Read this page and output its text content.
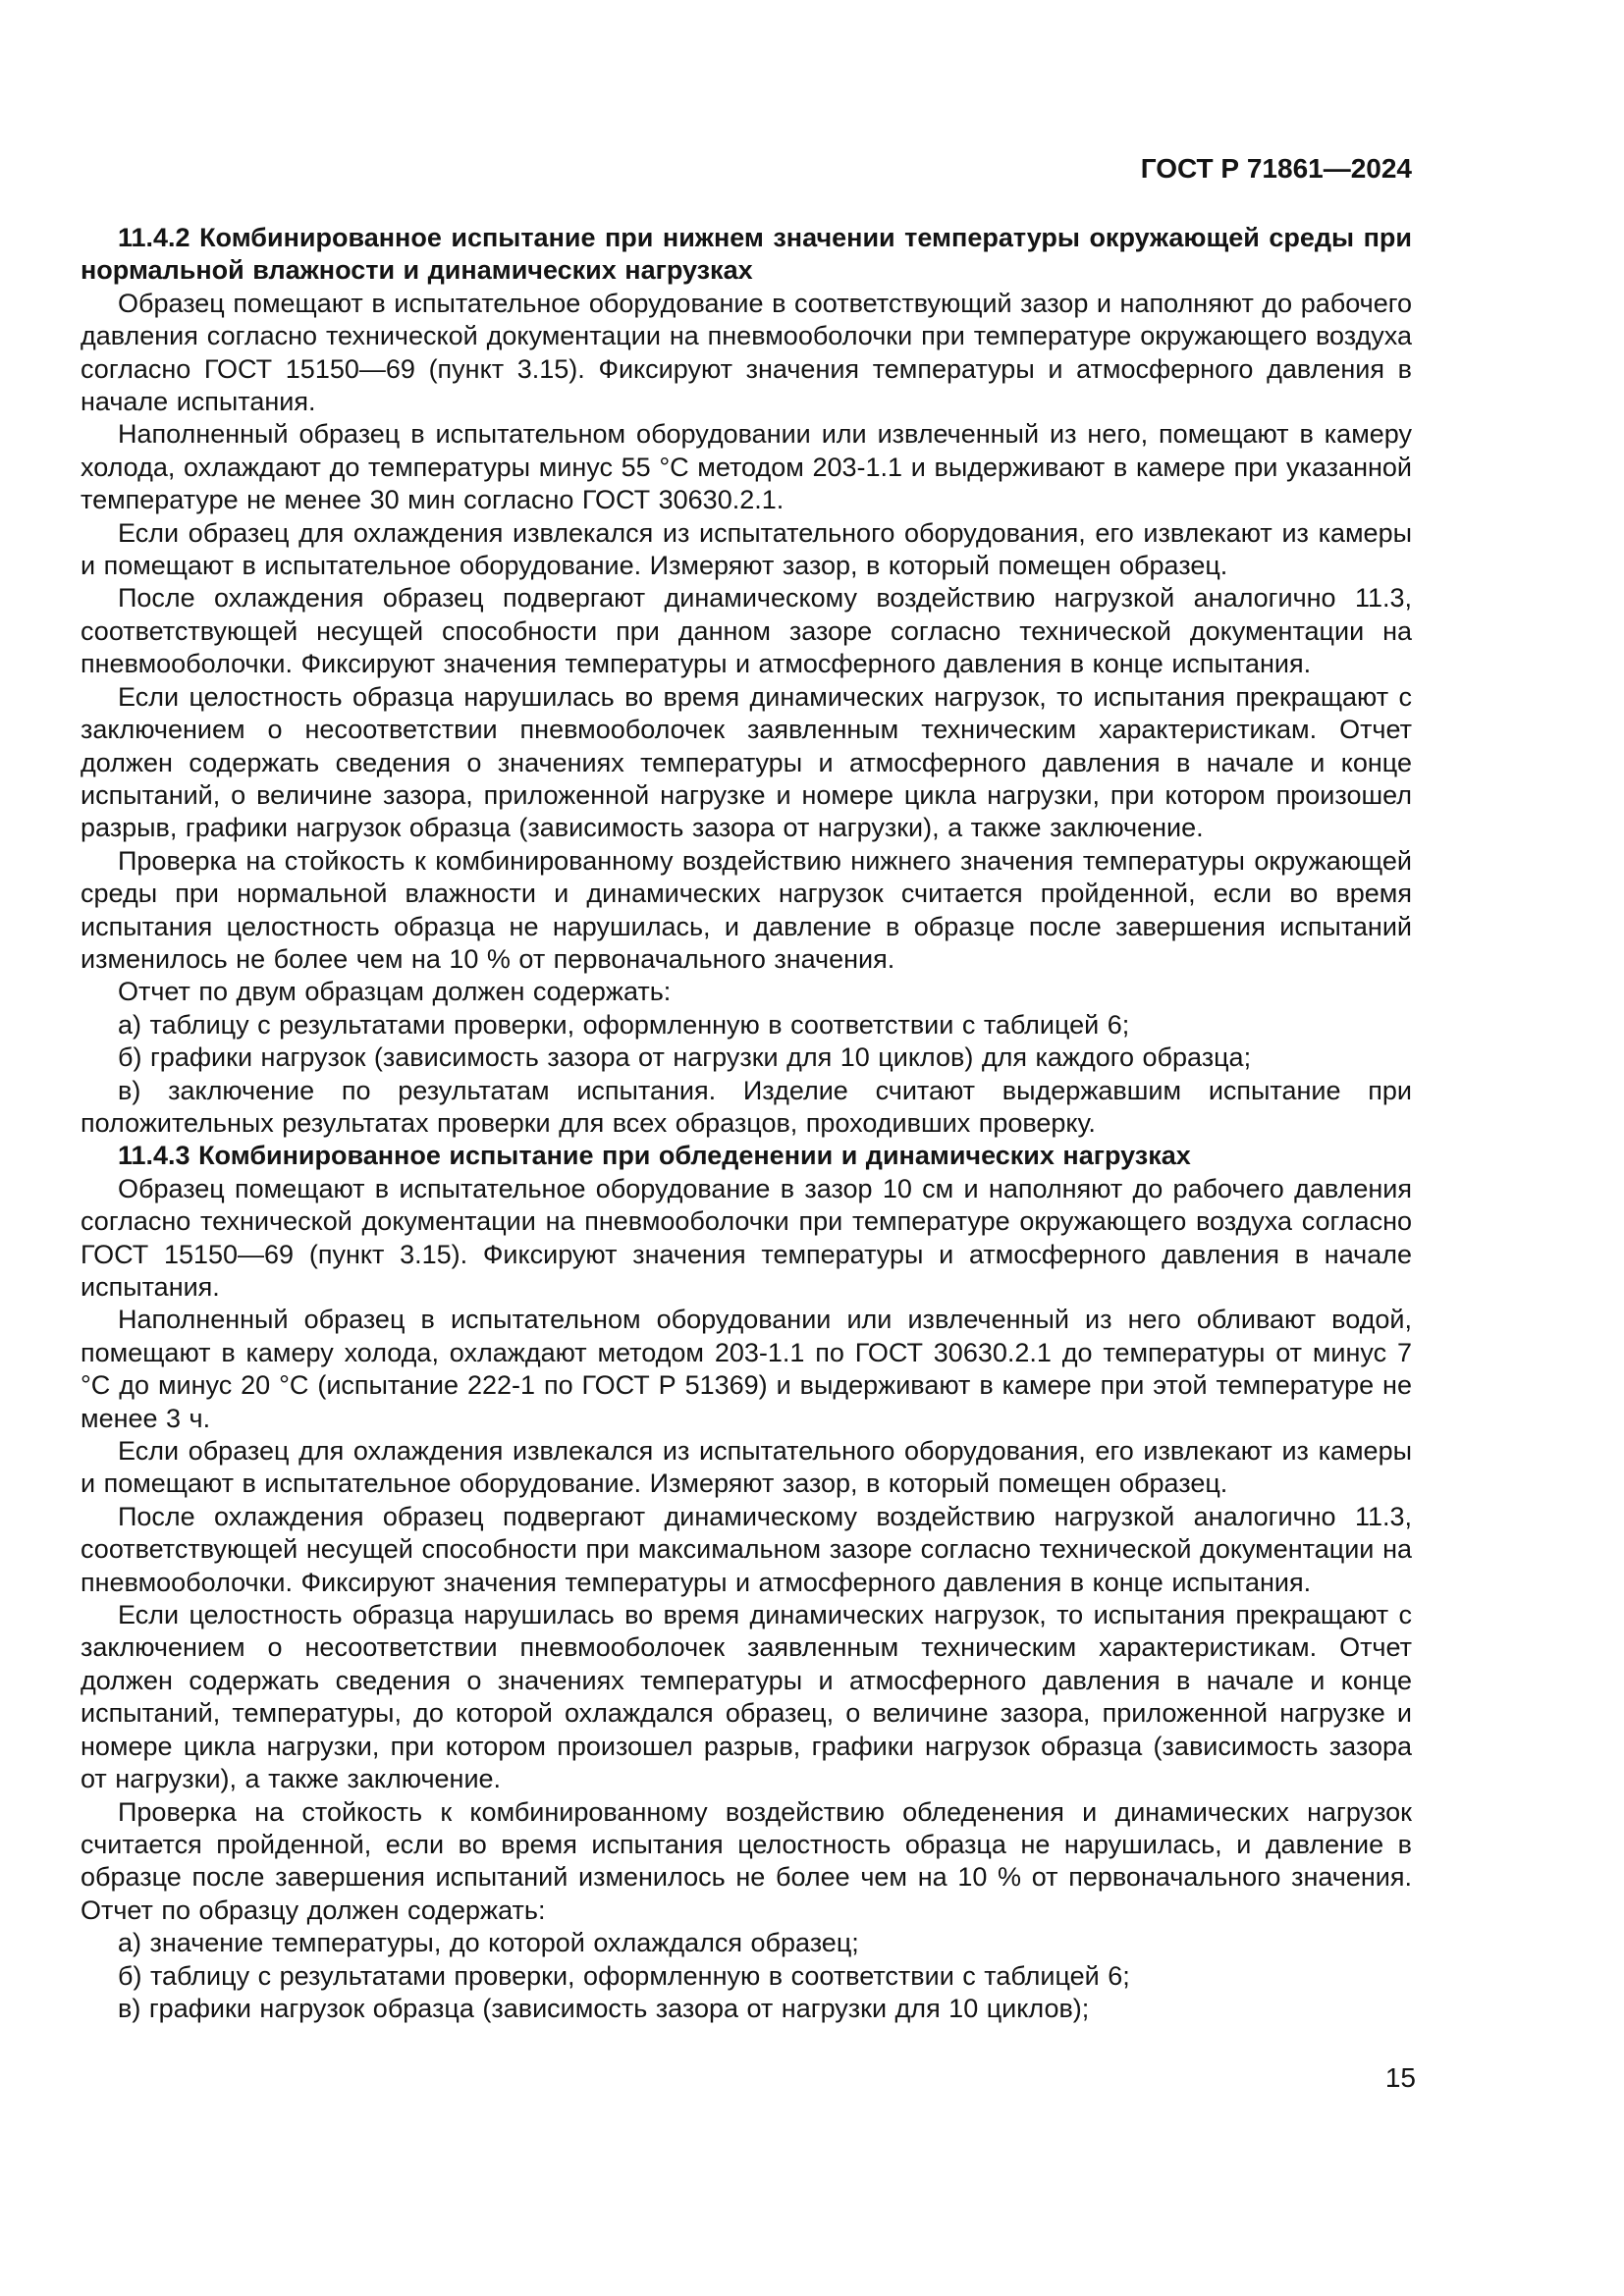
ГОСТ Р 71861—2024

11.4.2 Комбинированное испытание при нижнем значении температуры окружающей среды при нормальной влажности и динамических нагрузках

Образец помещают в испытательное оборудование в соответствующий зазор и наполняют до рабочего давления согласно технической документации на пневмооболочки при температуре окружающего воздуха согласно ГОСТ 15150—69 (пункт 3.15). Фиксируют значения температуры и атмосферного давления в начале испытания.

Наполненный образец в испытательном оборудовании или извлеченный из него, помещают в камеру холода, охлаждают до температуры минус 55 °С методом 203-1.1 и выдерживают в камере при указанной температуре не менее 30 мин согласно ГОСТ 30630.2.1.

Если образец для охлаждения извлекался из испытательного оборудования, его извлекают из камеры и помещают в испытательное оборудование. Измеряют зазор, в который помещен образец.

После охлаждения образец подвергают динамическому воздействию нагрузкой аналогично 11.3, соответствующей несущей способности при данном зазоре согласно технической документации на пневмооболочки. Фиксируют значения температуры и атмосферного давления в конце испытания.

Если целостность образца нарушилась во время динамических нагрузок, то испытания прекращают с заключением о несоответствии пневмооболочек заявленным техническим характеристикам. Отчет должен содержать сведения о значениях температуры и атмосферного давления в начале и конце испытаний, о величине зазора, приложенной нагрузке и номере цикла нагрузки, при котором произошел разрыв, графики нагрузок образца (зависимость зазора от нагрузки), а также заключение.

Проверка на стойкость к комбинированному воздействию нижнего значения температуры окружающей среды при нормальной влажности и динамических нагрузок считается пройденной, если во время испытания целостность образца не нарушилась, и давление в образце после завершения испытаний изменилось не более чем на 10 % от первоначального значения.

Отчет по двум образцам должен содержать:

а) таблицу с результатами проверки, оформленную в соответствии с таблицей 6;

б) графики нагрузок (зависимость зазора от нагрузки для 10 циклов) для каждого образца;

в) заключение по результатам испытания. Изделие считают выдержавшим испытание при положительных результатах проверки для всех образцов, проходивших проверку.

11.4.3 Комбинированное испытание при обледенении и динамических нагрузках

Образец помещают в испытательное оборудование в зазор 10 см и наполняют до рабочего давления согласно технической документации на пневмооболочки при температуре окружающего воздуха согласно ГОСТ 15150—69 (пункт 3.15). Фиксируют значения температуры и атмосферного давления в начале испытания.

Наполненный образец в испытательном оборудовании или извлеченный из него обливают водой, помещают в камеру холода, охлаждают методом 203-1.1 по ГОСТ 30630.2.1 до температуры от минус 7 °С до минус 20 °С (испытание 222-1 по ГОСТ Р 51369) и выдерживают в камере при этой температуре не менее 3 ч.

Если образец для охлаждения извлекался из испытательного оборудования, его извлекают из камеры и помещают в испытательное оборудование. Измеряют зазор, в который помещен образец.

После охлаждения образец подвергают динамическому воздействию нагрузкой аналогично 11.3, соответствующей несущей способности при максимальном зазоре согласно технической документации на пневмооболочки. Фиксируют значения температуры и атмосферного давления в конце испытания.

Если целостность образца нарушилась во время динамических нагрузок, то испытания прекращают с заключением о несоответствии пневмооболочек заявленным техническим характеристикам. Отчет должен содержать сведения о значениях температуры и атмосферного давления в начале и конце испытаний, температуры, до которой охлаждался образец, о величине зазора, приложенной нагрузке и номере цикла нагрузки, при котором произошел разрыв, графики нагрузок образца (зависимость зазора от нагрузки), а также заключение.

Проверка на стойкость к комбинированному воздействию обледенения и динамических нагрузок считается пройденной, если во время испытания целостность образца не нарушилась, и давление в образце после завершения испытаний изменилось не более чем на 10 % от первоначального значения. Отчет по образцу должен содержать:

а) значение температуры, до которой охлаждался образец;

б) таблицу с результатами проверки, оформленную в соответствии с таблицей 6;

в) графики нагрузок образца (зависимость зазора от нагрузки для 10 циклов);

15
